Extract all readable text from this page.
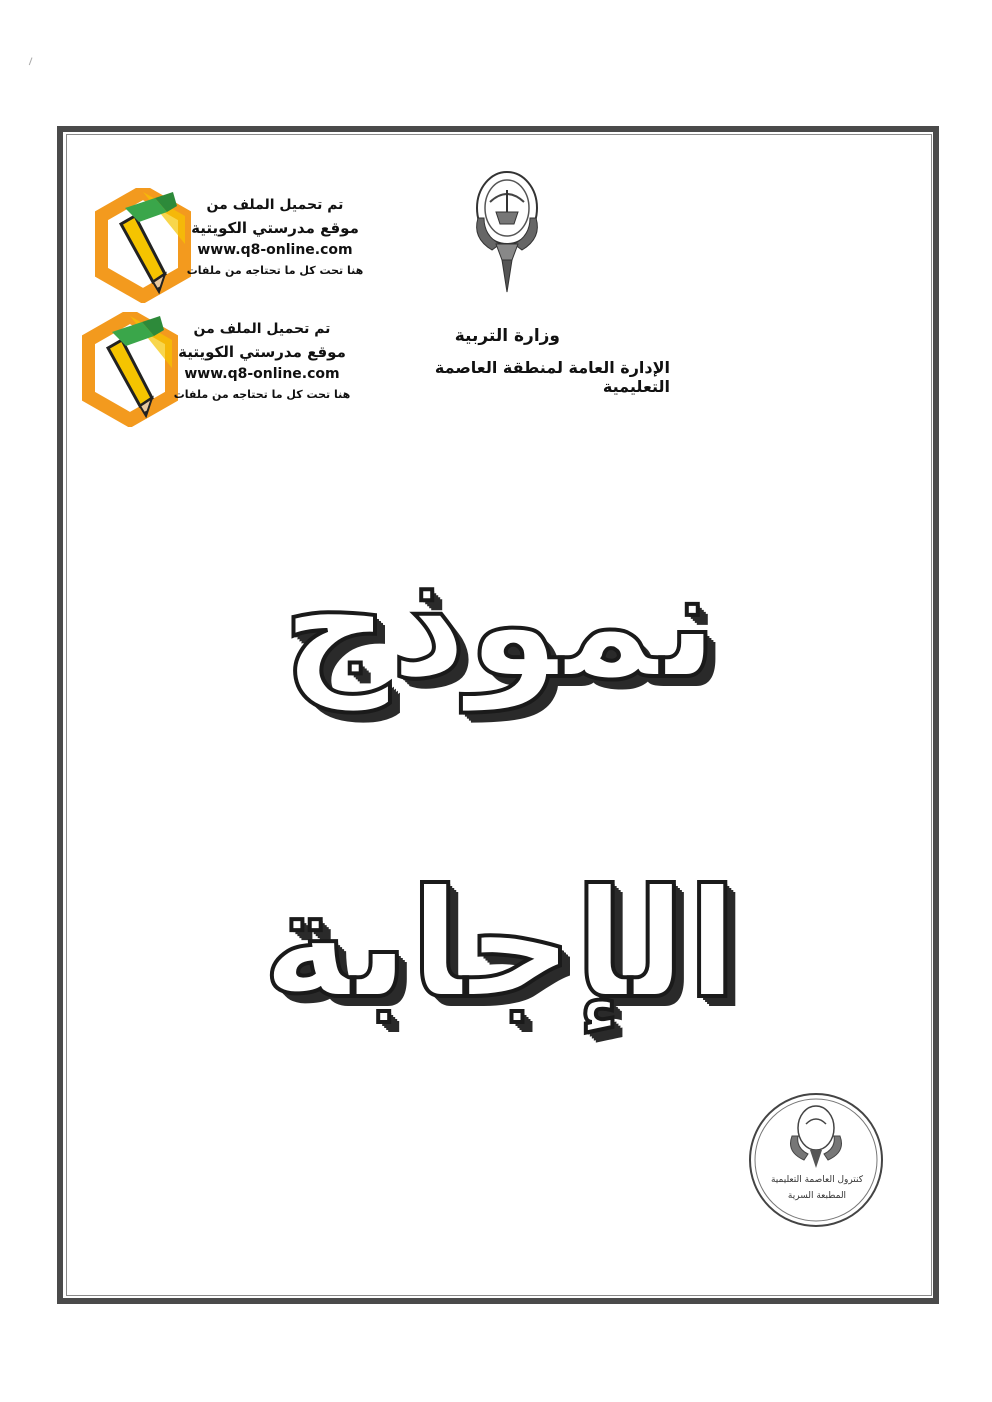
تم تحميل الملف من
موقع مدرستي الكويتية
www.q8-online.com
هنا تحت كل ما تحتاجه من ملفات
تم تحميل الملف من
موقع مدرستي الكويتية
www.q8-online.com
هنا تحت كل ما تحتاجه من ملفات
وزارة التربية
الإدارة العامة لمنطقة العاصمة التعليمية
نموذج
الإجابة
كنترول العاصمة التعليمية
المطبعة السرية
